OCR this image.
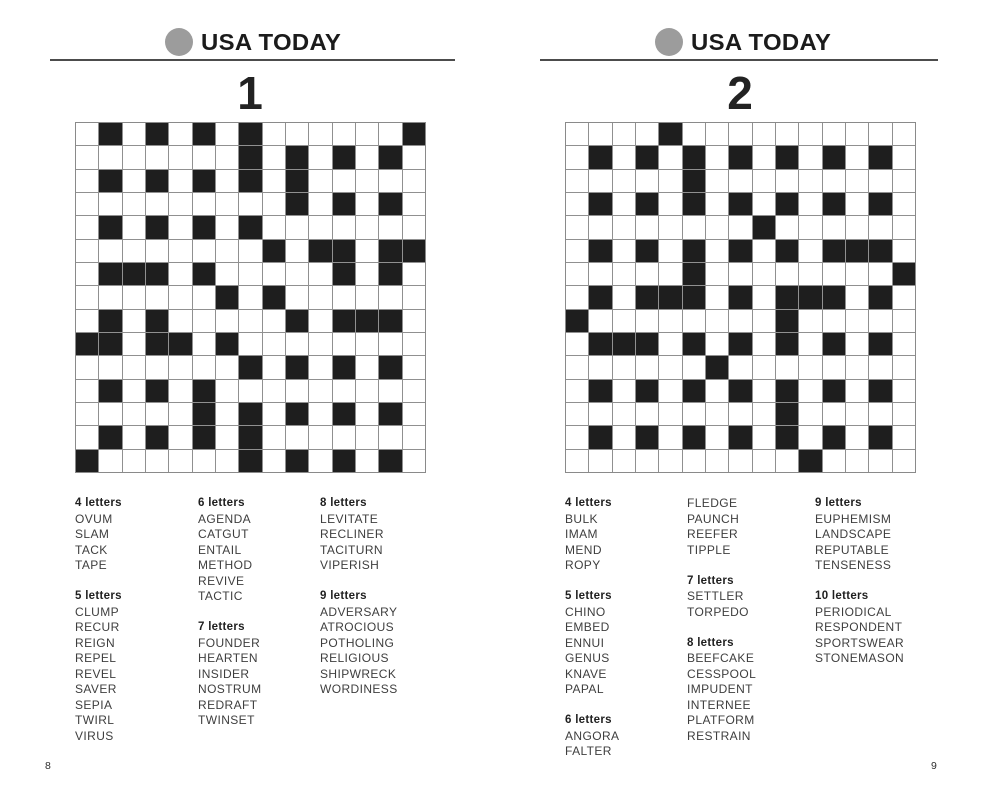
USA TODAY
1
4 letters
OVUM
SLAM
TACK
TAPE
5 letters
CLUMP
RECUR
REIGN
REPEL
REVEL
SAVER
SEPIA
TWIRL
VIRUS
6 letters
AGENDA
CATGUT
ENTAIL
METHOD
REVIVE
TACTIC
7 letters
FOUNDER
HEARTEN
INSIDER
NOSTRUM
REDRAFT
TWINSET
8 letters
LEVITATE
RECLINER
TACITURN
VIPERISH
9 letters
ADVERSARY
ATROCIOUS
POTHOLING
RELIGIOUS
SHIPWRECK
WORDINESS
8
USA TODAY
2
4 letters
BULK
IMAM
MEND
ROPY
5 letters
CHINO
EMBED
ENNUI
GENUS
KNAVE
PAPAL
6 letters
ANGORA
FALTER
FLEDGE
PAUNCH
REEFER
TIPPLE
7 letters
SETTLER
TORPEDO
8 letters
BEEFCAKE
CESSPOOL
IMPUDENT
INTERNEE
PLATFORM
RESTRAIN
9 letters
EUPHEMISM
LANDSCAPE
REPUTABLE
TENSENESS
10 letters
PERIODICAL
RESPONDENT
SPORTSWEAR
STONEMASON
9
